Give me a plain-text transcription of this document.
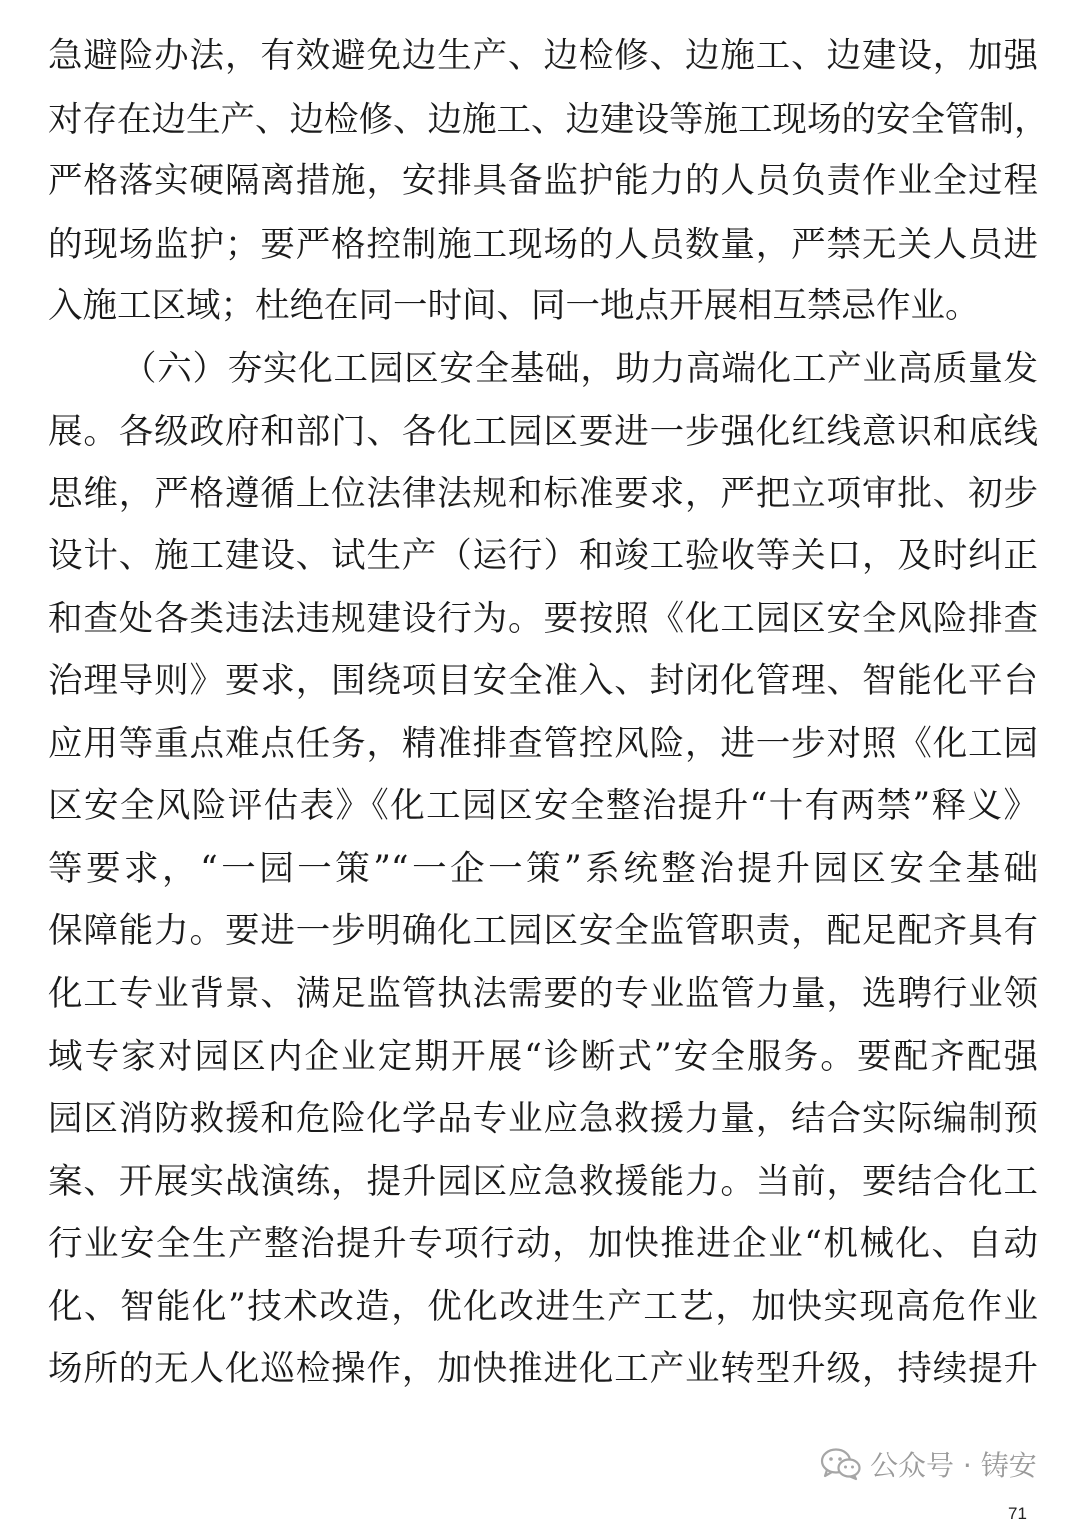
急避险办法，有效避免边生产、边检修、边施工、边建设，加强
对存在边生产、边检修、边施工、边建设等施工现场的安全管制，
严格落实硬隔离措施，安排具备监护能力的人员负责作业全过程
的现场监护；要严格控制施工现场的人员数量，严禁无关人员进
入施工区域；杜绝在同一时间、同一地点开展相互禁忌作业。
（六）夯实化工园区安全基础，助力高端化工产业高质量发
展。各级政府和部门、各化工园区要进一步强化红线意识和底线
思维，严格遵循上位法律法规和标准要求，严把立项审批、初步
设计、施工建设、试生产（运行）和竣工验收等关口，及时纠正
和查处各类违法违规建设行为。要按照《化工园区安全风险排查
治理导则》要求，围绕项目安全准入、封闭化管理、智能化平台
应用等重点难点任务，精准排查管控风险，进一步对照《化工园
区安全风险评估表》《化工园区安全整治提升“十有两禁”释义》
等要求，“一园一策”“一企一策”系统整治提升园区安全基础
保障能力。要进一步明确化工园区安全监管职责，配足配齐具有
化工专业背景、满足监管执法需要的专业监管力量，选聘行业领
域专家对园区内企业定期开展“诊断式”安全服务。要配齐配强
园区消防救援和危险化学品专业应急救援力量，结合实际编制预
案、开展实战演练，提升园区应急救援能力。当前，要结合化工
行业安全生产整治提升专项行动，加快推进企业“机械化、自动
化、智能化”技术改造，优化改进生产工艺，加快实现高危作业
场所的无人化巡检操作，加快推进化工产业转型升级，持续提升
公众号 · 铸安
71
